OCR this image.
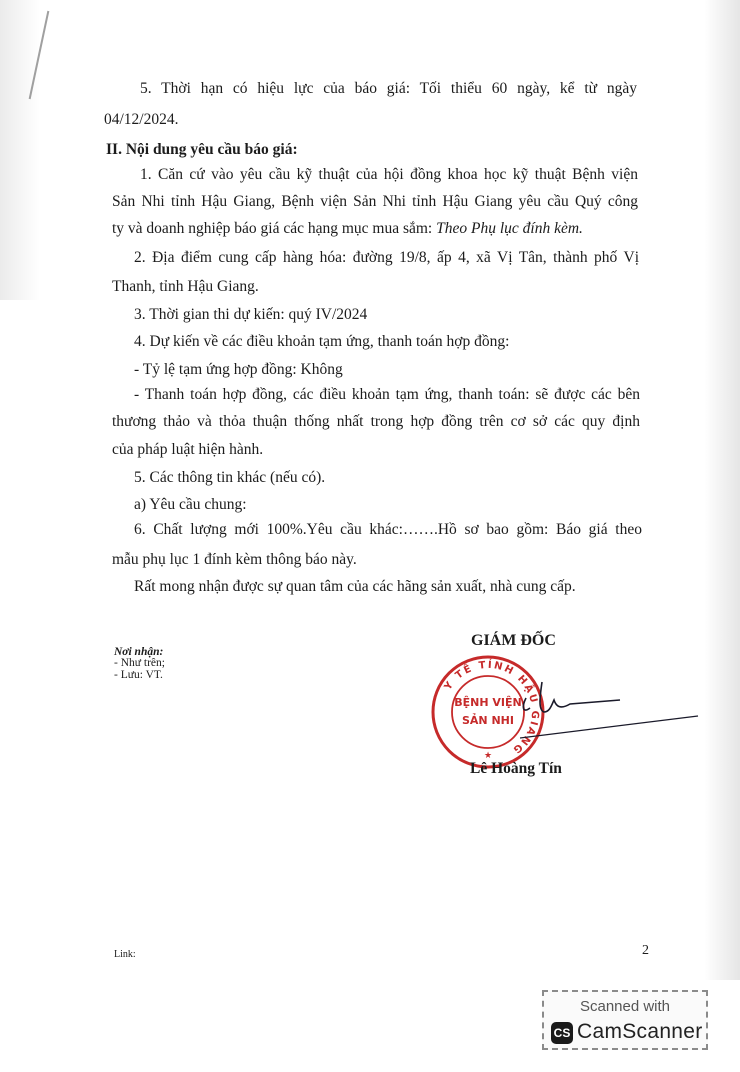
5. Thời hạn có hiệu lực của báo giá: Tối thiểu 60 ngày, kể từ ngày
04/12/2024.
II. Nội dung yêu cầu báo giá:
1. Căn cứ vào yêu cầu kỹ thuật của hội đồng khoa học kỹ thuật Bệnh viện
Sản Nhi tỉnh Hậu Giang, Bệnh viện Sản Nhi tỉnh Hậu Giang yêu cầu Quý công
ty và doanh nghiệp báo giá các hạng mục mua sắm: Theo Phụ lục đính kèm.
2. Địa điểm cung cấp hàng hóa: đường 19/8, ấp 4, xã Vị Tân, thành phố Vị
Thanh, tỉnh Hậu Giang.
3. Thời gian thi dự kiến: quý IV/2024
4. Dự kiến về các điều khoản tạm ứng, thanh toán hợp đồng:
- Tỷ lệ tạm ứng hợp đồng: Không
- Thanh toán hợp đồng, các điều khoản tạm ứng, thanh toán: sẽ được các bên
thương thảo và thỏa thuận thống nhất trong hợp đồng trên cơ sở các quy định
của pháp luật hiện hành.
5. Các thông tin khác (nếu có).
a) Yêu cầu chung:
6. Chất lượng mới 100%.Yêu cầu khác:…….Hồ sơ bao gồm: Báo giá theo
mẫu phụ lục 1 đính kèm thông báo này.
Rất mong nhận được sự quan tâm của các hãng sản xuất, nhà cung cấp.
Nơi nhận:
- Như trên;
- Lưu: VT.
GIÁM ĐỐC
Y TẾ TỈNH HẬU GIANG
BỆNH VIỆN
SẢN NHI
★
Lê Hoàng Tín
Link:	2
Scanned with
CS CamScanner
